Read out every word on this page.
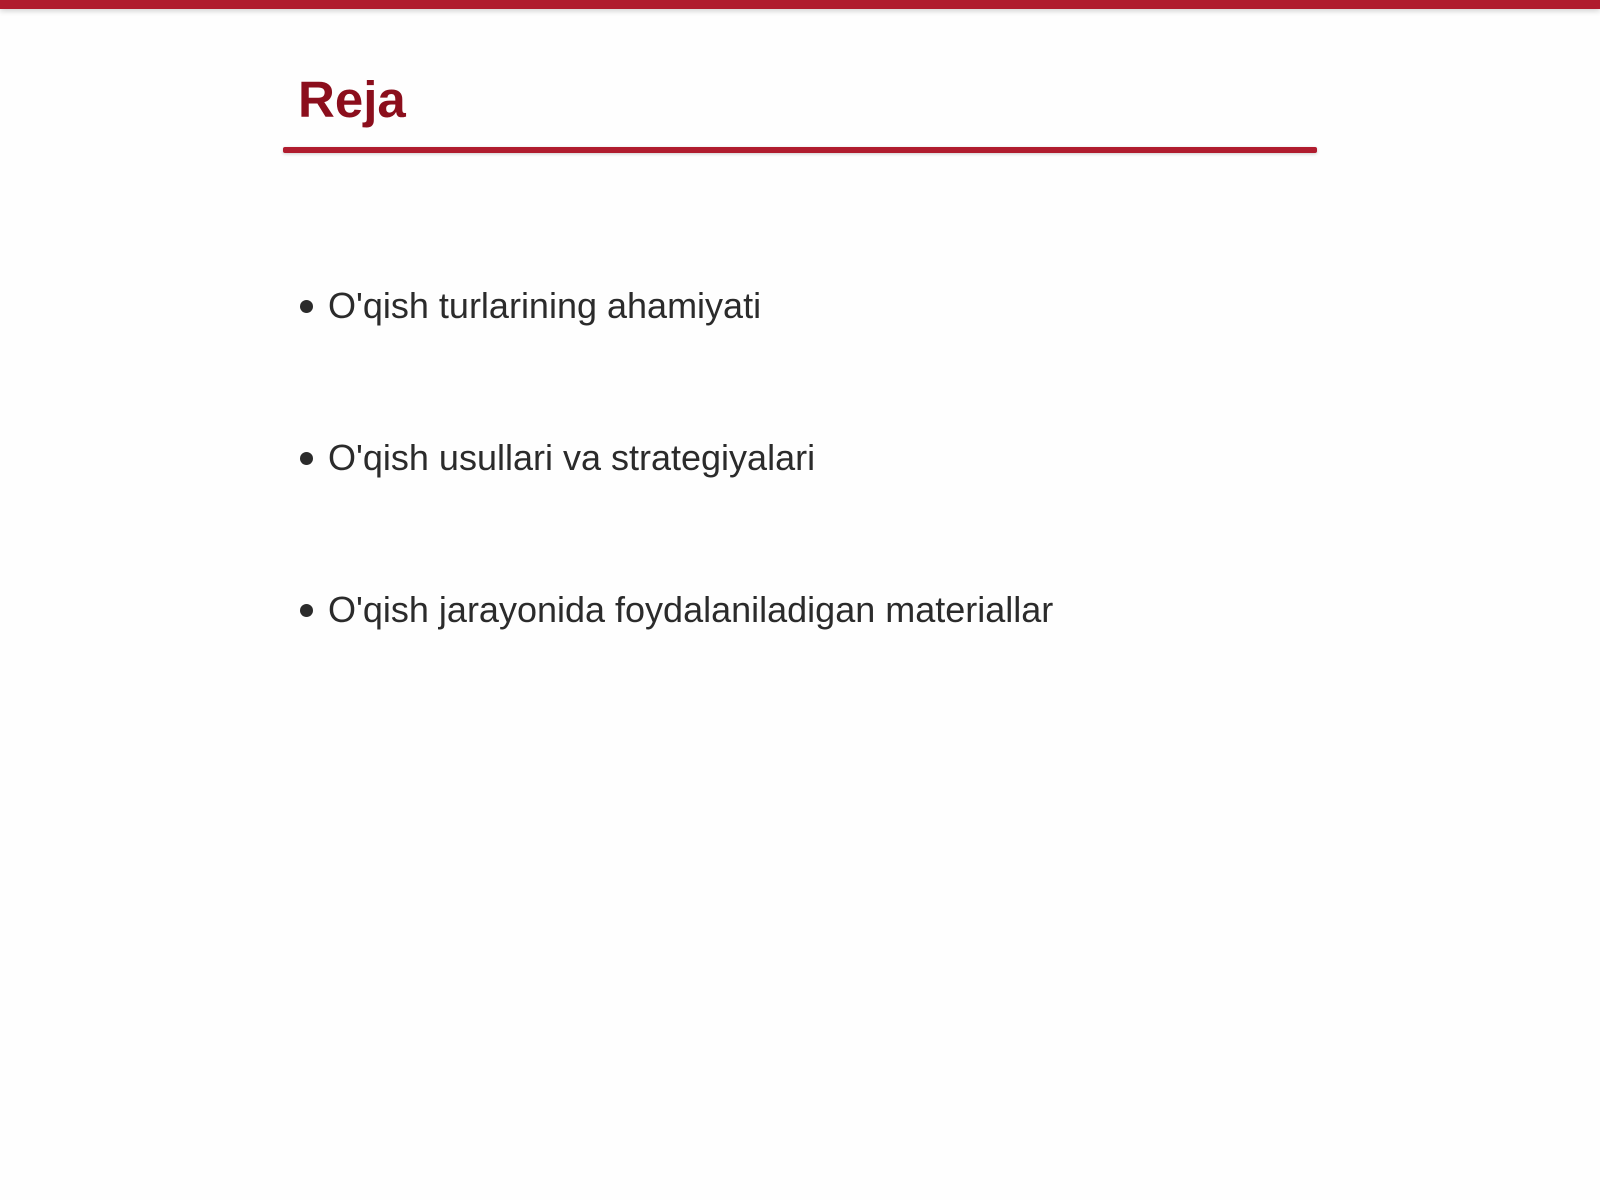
Reja
O'qish turlarining ahamiyati
O'qish usullari va strategiyalari
O'qish jarayonida foydalaniladigan materiallar
